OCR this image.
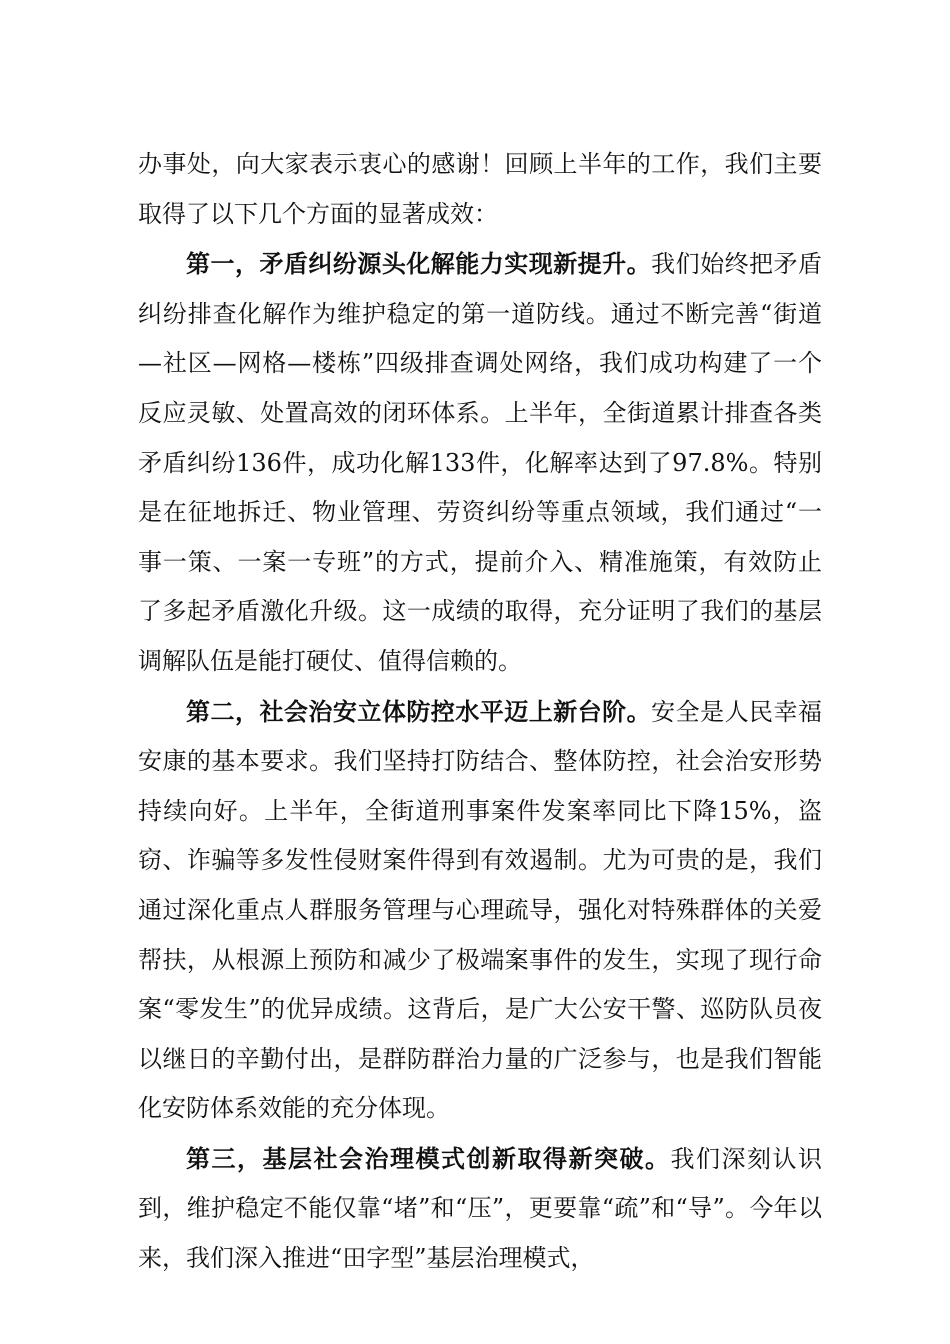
办事处，向大家表示衷心的感谢！回顾上半年的工作，我们主要取得了以下几个方面的显著成效：

第一，矛盾纠纷源头化解能力实现新提升。我们始终把矛盾纠纷排查化解作为维护稳定的第一道防线。通过不断完善“街道—社区—网格—楼栋”四级排查调处网络，我们成功构建了一个反应灵敏、处置高效的闭环体系。上半年，全街道累计排查各类矛盾纠纷136件，成功化解133件，化解率达到了97.8%。特别是在征地拆迁、物业管理、劳资纠纷等重点领域，我们通过“一事一策、一案一专班”的方式，提前介入、精准施策，有效防止了多起矛盾激化升级。这一成绩的取得，充分证明了我们的基层调解队伍是能打硬仗、值得信赖的。

第二，社会治安立体防控水平迈上新台阶。安全是人民幸福安康的基本要求。我们坚持打防结合、整体防控，社会治安形势持续向好。上半年，全街道刑事案件发案率同比下降15%，盗窃、诈骗等多发性侵财案件得到有效遏制。尤为可贵的是，我们通过深化重点人群服务管理与心理疏导，强化对特殊群体的关爱帮扶，从根源上预防和减少了极端案事件的发生，实现了现行命案“零发生”的优异成绩。这背后，是广大公安干警、巡防队员夜以继日的辛勤付出，是群防群治力量的广泛参与，也是我们智能化安防体系效能的充分体现。

第三，基层社会治理模式创新取得新突破。我们深刻认识到，维护稳定不能仅靠“堵”和“压”，更要靠“疏”和“导”。今年以来，我们深入推进“田字型”基层治理模式，
